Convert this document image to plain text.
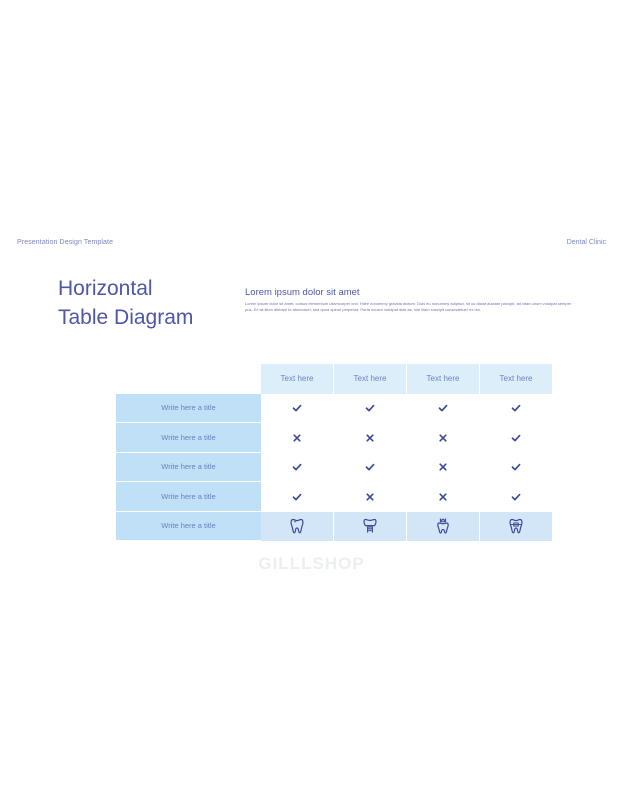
Presentation Design Template	Dental Clinic
Horizontal
Table Diagram
Lorem ipsum dolor sit amet
Lorem ipsum dolor sit amet, cursus elementum ullamcorper orci. Hilee nonummy gravida dictum. Duis eu nonummy adipisci, sit cu distat auctam parcipit, ad vitae unum volutpat semper pus. Ex sit illum diebam to atomorum, sea quod spiruri perpetua. Porta ocusm volutpat duis as, sim illam suscipit consectetuer ex dui.
Text here	Text here	Text here	Text here
Write here a title
Write here a title
Write here a title
Write here a title
Write here a title
GILLLSHOP
